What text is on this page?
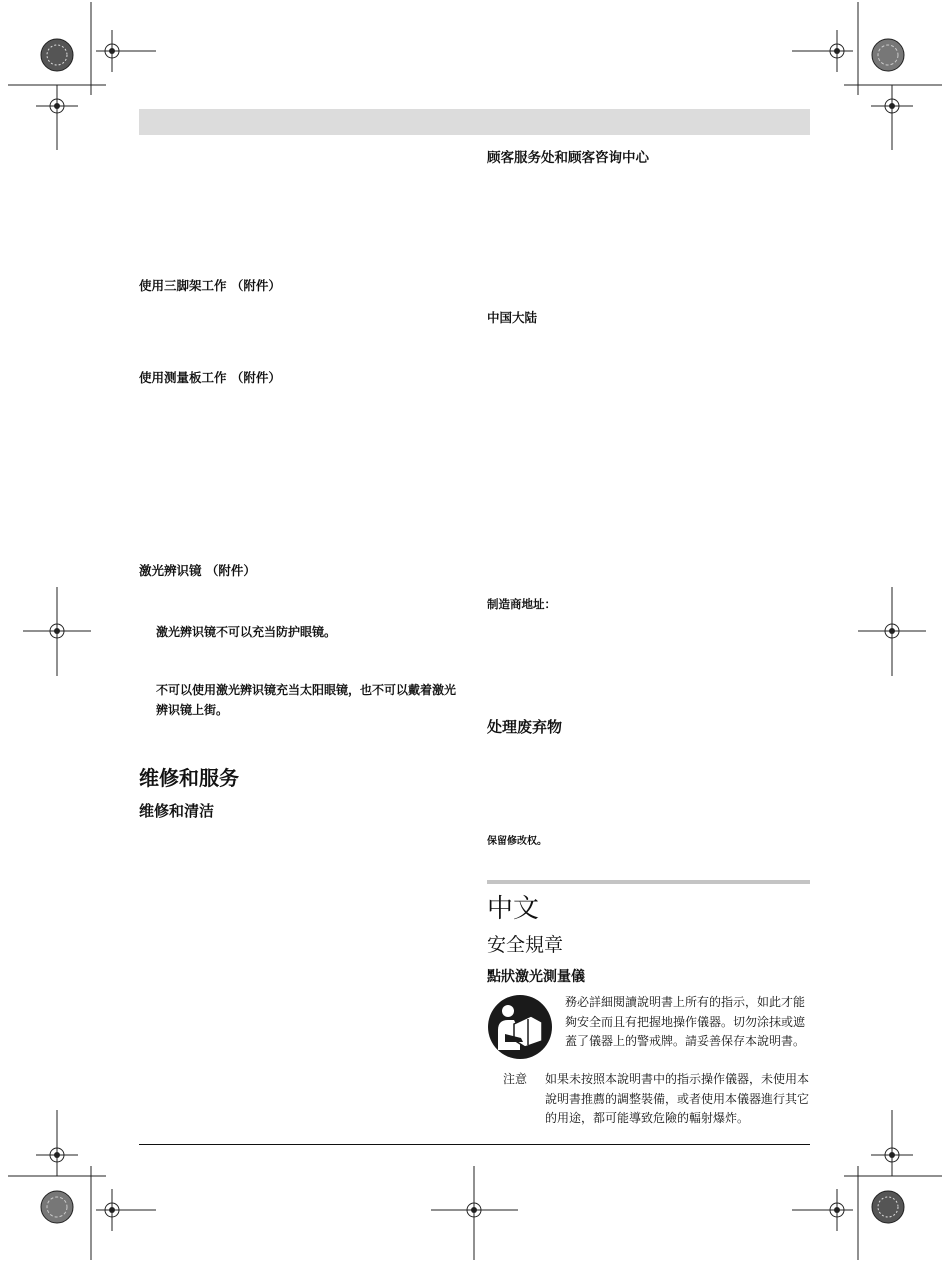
使用三脚架工作 （附件）
使用测量板工作 （附件）
激光辨识镜 （附件）
激光辨识镜不可以充当防护眼镜。
不可以使用激光辨识镜充当太阳眼镜，也不可以戴着激光辨识镜上街。
维修和服务
维修和清洁
顾客服务处和顾客咨询中心
中国大陆
制造商地址：
处理废弃物
保留修改权。
中文
安全規章
點狀激光測量儀
務必詳細閱讀說明書上所有的指示，如此才能夠安全而且有把握地操作儀器。切勿涂抹或遮蓋了儀器上的警戒牌。請妥善保存本說明書。
注意 如果未按照本說明書中的指示操作儀器，未使用本說明書推薦的調整裝備，或者使用本儀器進行其它的用途，都可能導致危險的輻射爆炸。
